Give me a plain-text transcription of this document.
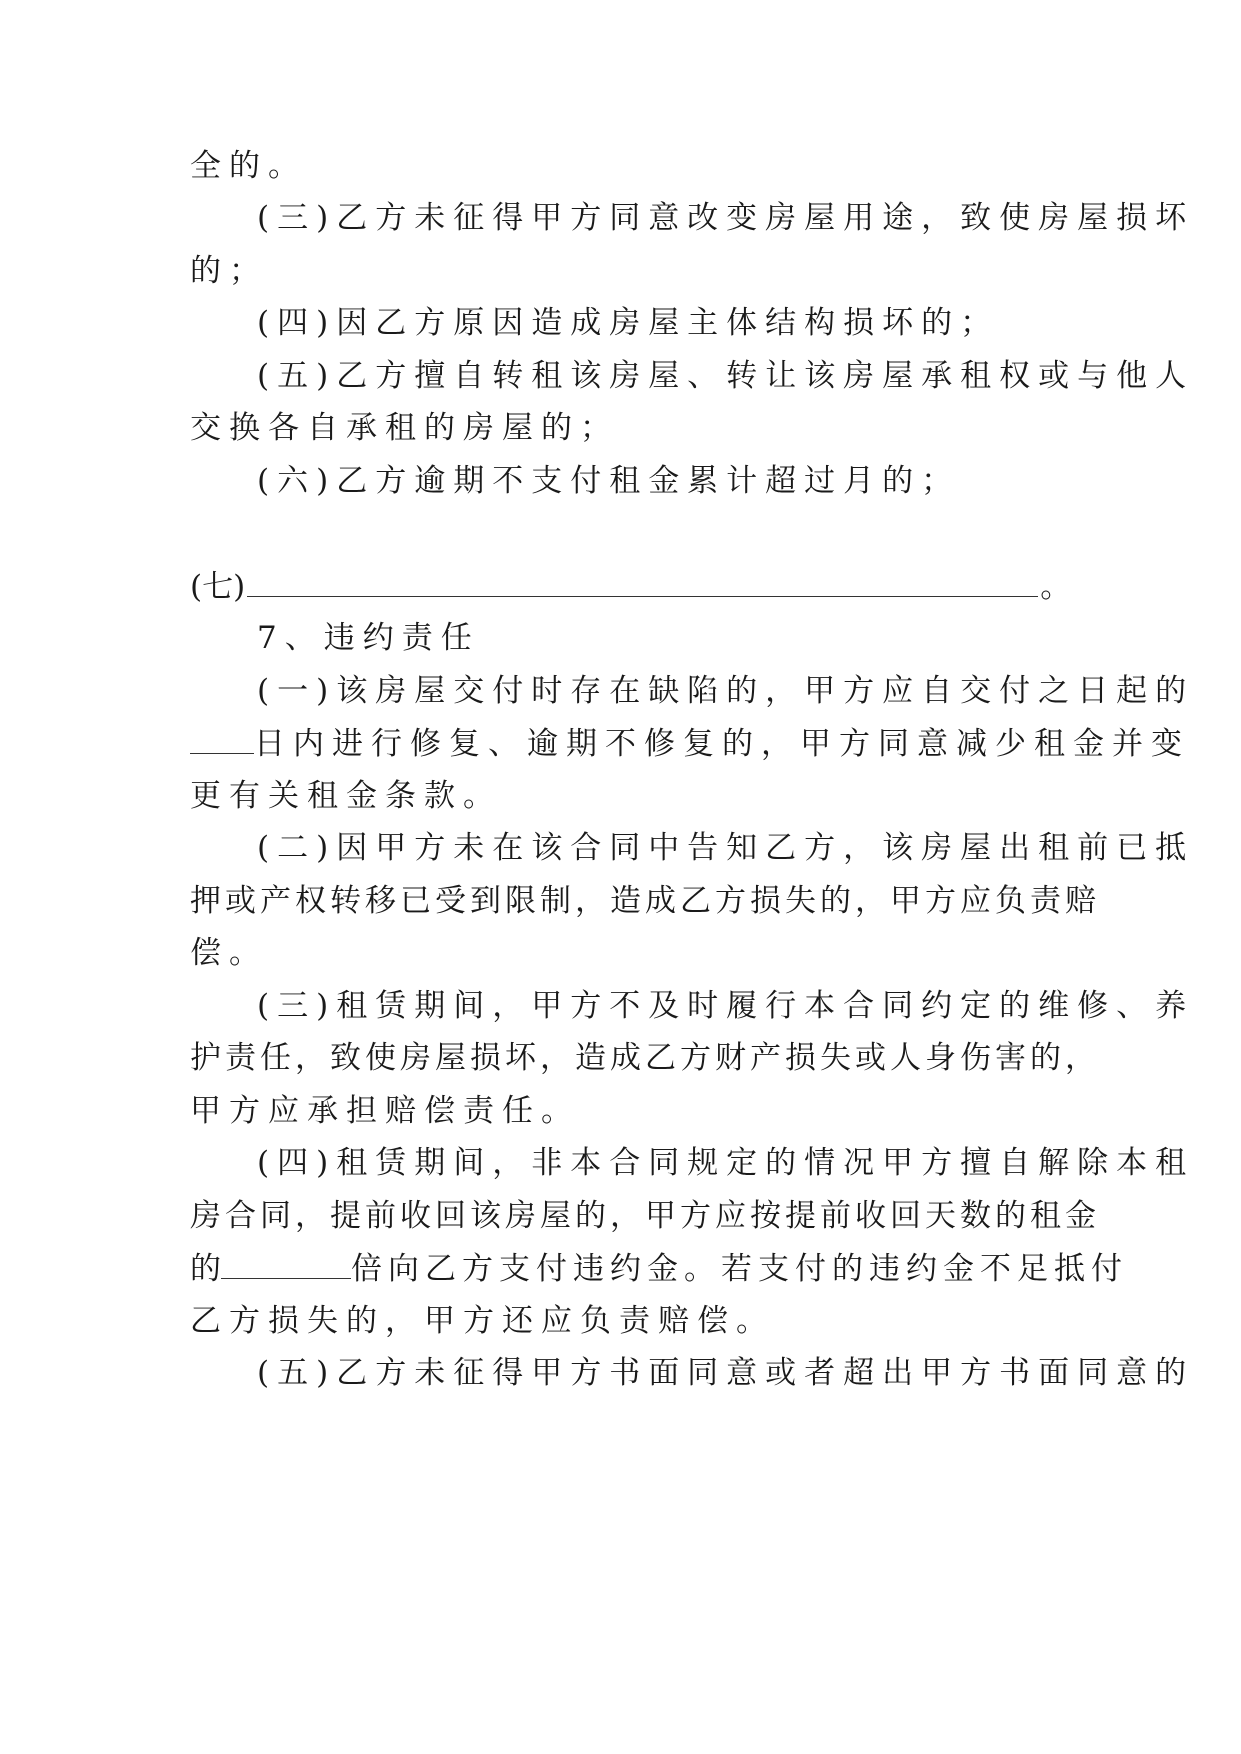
全的。
(三)乙方未征得甲方同意改变房屋用途，致使房屋损坏
的；
(四)因乙方原因造成房屋主体结构损坏的；
(五)乙方擅自转租该房屋、转让该房屋承租权或与他人
交换各自承租的房屋的；
(六)乙方逾期不支付租金累计超过月的；
(七)	。
7、违约责任
(一)该房屋交付时存在缺陷的，甲方应自交付之日起的
日内进行修复、逾期不修复的，甲方同意减少租金并变
更有关租金条款。
(二)因甲方未在该合同中告知乙方，该房屋出租前已抵
押或产权转移已受到限制，造成乙方损失的，甲方应负责赔
偿。
(三)租赁期间，甲方不及时履行本合同约定的维修、养
护责任，致使房屋损坏，造成乙方财产损失或人身伤害的，
甲方应承担赔偿责任。
(四)租赁期间，非本合同规定的情况甲方擅自解除本租
房合同，提前收回该房屋的，甲方应按提前收回天数的租金
的	倍向乙方支付违约金。若支付的违约金不足抵付
乙方损失的，甲方还应负责赔偿。
(五)乙方未征得甲方书面同意或者超出甲方书面同意的
